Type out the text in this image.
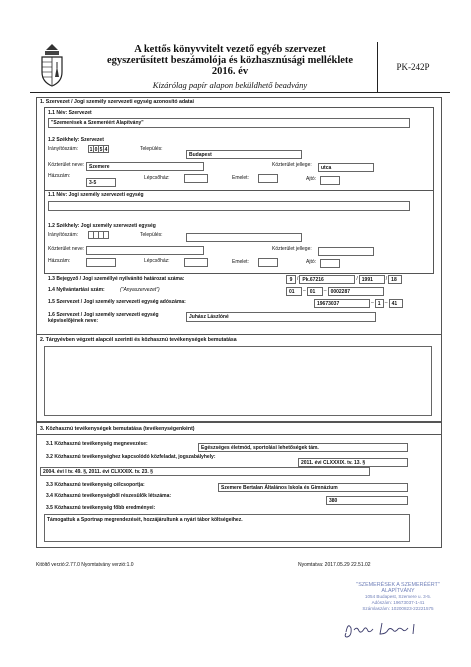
A kettős könyvvitelt vezető egyéb szervezet
egyszerűsített beszámolója és közhasznúsági melléklete
2016. év
Kizárólag papír alapon beküldhető beadvány
PK-242P
1. Szervezet / Jogi személy szervezeti egység azonosító adatai
1.1 Név: Szervezet
"Szemerések a Szemeréért Alapítvány"
1.2 Székhely: Szervezet
Irányítószám:	1 0 5 4	Település:
Budapest
Közterület neve: Szemere	Közterület jellege:	utca
Házszám:
3-5
Lépcsőház:	Emelet:	Ajtó:
1.1 Név: Jogi személy szervezeti egység
1.2 Székhely: Jogi személy szervezeti egység
Irányítószám:	Település:
Közterület neve:	Közterület jellege:
Házszám:	Lépcsőház:	Emelet:	Ajtó:
1.3 Bejegyző / Jogi személlyé nyilvánító határozat száma:	9 / Pk.67216	/ 1991	/ 18
1.4 Nyilvántartási szám:	("Anyaszervezet")	01	– 01	– 0002287
1.5 Szervezet / Jogi személy szervezeti egység adószáma:	19673037	– 1 – 41
1.6 Szervezet / Jogi személy szervezeti egység
képviselőjének neve:
Juhász Lászlóné
2. Tárgyévben végzett alapcél szerinti és közhasznú tevékenységek bemutatása
3. Közhasznú tevékenységek bemutatása (tevékenységenként)
3.1 Közhasznú tevékenység megnevezése:
Egészséges életmód, sportolási lehetőségek tám.
3.2 Közhasznú tevékenységhez kapcsolódó közfeladat, jogszabályhely:
2011. évi CLXXXIX. tv. 13. §
2004. évi I tv. 49. §, 2011. évi CLXXXIX. tv. 23. §
3.3 Közhasznú tevékenység célcsoportja:	Szemere Bertalan Általános Iskola és Gimnázium
3.4 Közhasznú tevékenységből részesülők létszáma:
380
3.5 Közhasznú tevékenység főbb eredményei:
Támogattuk a Sportnap megrendezését, hozzájárultunk a nyári tábor költségeihez.
Kitöltő verzió:2.77.0 Nyomtatvány verzió:1.0	Nyomtatva: 2017.05.29 22.51.02
"SZEMERÉSEK A SZEMERÉÉRT"
ALAPÍTVÁNY
1054 Budapest, Szemere u. 3-5.
Adószám: 19673037-1-41
Számlaszám: 10200823-22221575
